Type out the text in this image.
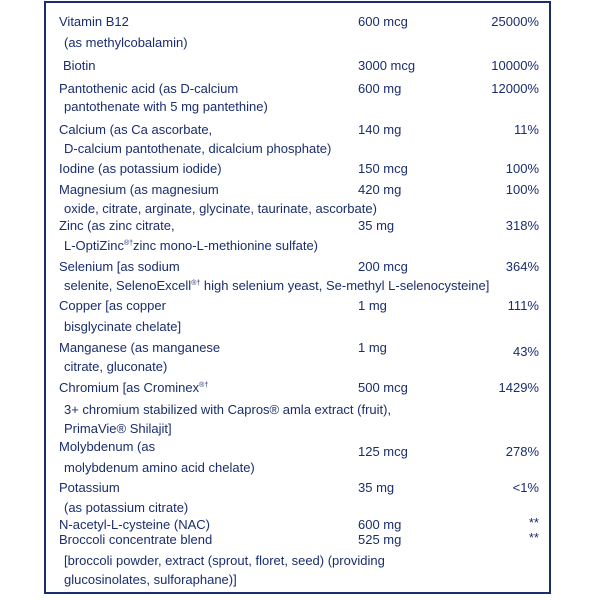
Vitamin B12	600 mcg	25000%
(as methylcobalamin)
Biotin	3000 mcg	10000%
Pantothenic acid (as D-calcium	600 mg	12000%
pantothenate with 5 mg pantethine)
Calcium (as Ca ascorbate,	140 mg	11%
D-calcium pantothenate, dicalcium phosphate)
Iodine (as potassium iodide)	150 mcg	100%
Magnesium (as magnesium	420 mg	100%
oxide, citrate, arginate, glycinate, taurinate, ascorbate)
Zinc (as zinc citrate,	35 mg	318%
L-OptiZinc®†zinc mono-L-methionine sulfate)
Selenium [as sodium	200 mcg	364%
selenite, SelenoExcell®† high selenium yeast, Se-methyl L-selenocysteine]
Copper [as copper	1 mg	111%
bisglycinate chelate]
Manganese (as manganese	1 mg	43%
citrate, gluconate)
Chromium [as Crominex®†	500 mcg	1429%
3+ chromium stabilized with Capros® amla extract (fruit),
PrimaVie® Shilajit]
Molybdenum (as	125 mcg	278%
molybdenum amino acid chelate)
Potassium	35 mg	<1%
(as potassium citrate)
N-acetyl-L-cysteine (NAC)	600 mg	**
Broccoli concentrate blend	525 mg	**
[broccoli powder, extract (sprout, floret, seed) (providing
glucosinolates, sulforaphane)]
